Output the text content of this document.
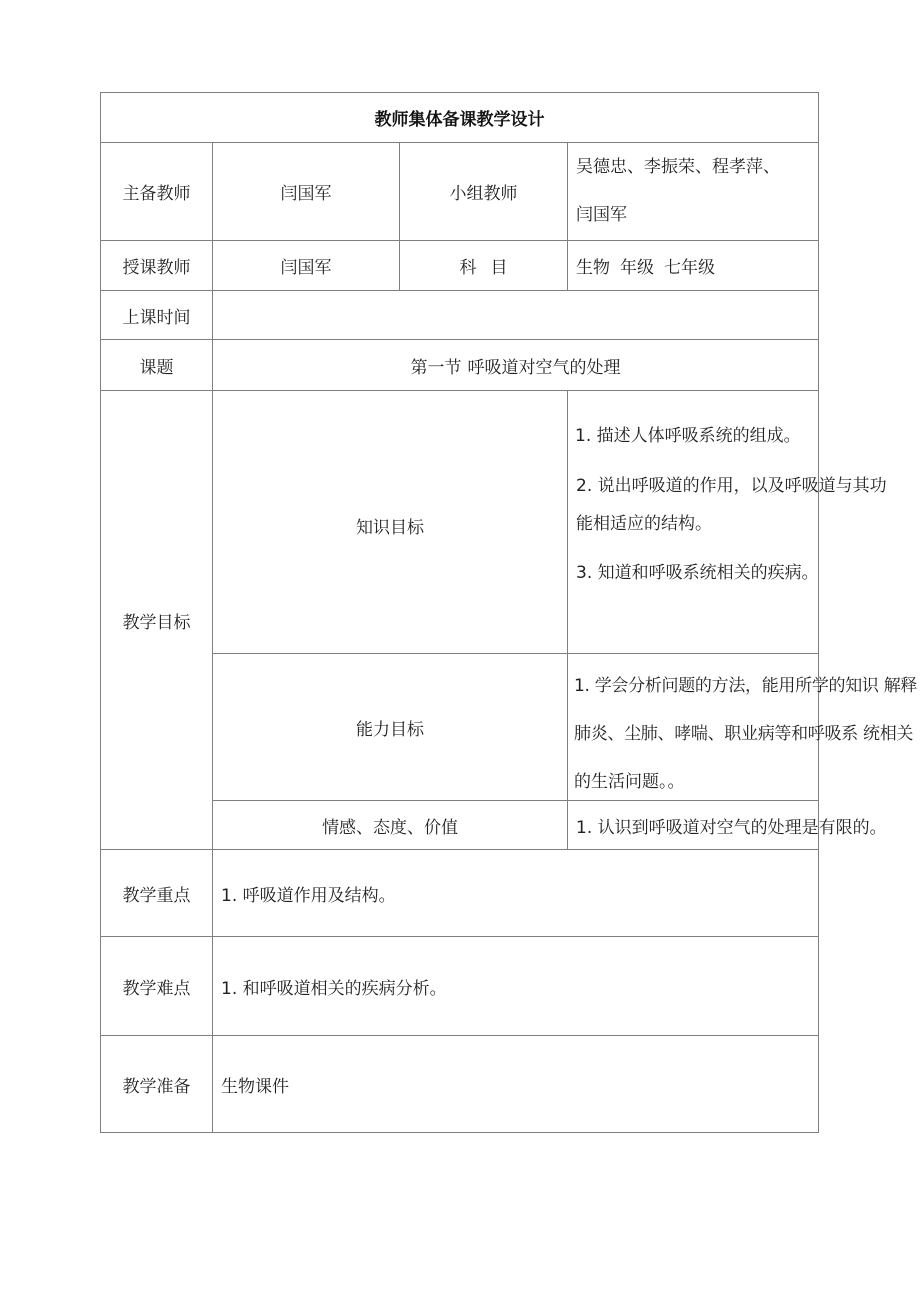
教师集体备课教学设计			
主备教师	闫国军	小组教师	吴德忠、李振荣、程孝萍、
闫国军

授课教师	闫国军	科 目	生物 年级 七年级
上课时间			
课题	第一节 呼吸道对空气的处理		
教学目标	知识目标		1. 描述人体呼吸系统的组成。
2. 说出呼吸道的作用，以及呼吸道与其功
能相适应的结构。
3. 知道和呼吸系统相关的疾病。

	能力目标		1. 学会分析问题的方法，能用所学的知识 解释
肺炎、尘肺、哮喘、职业病等和呼吸系 统相关
的生活问题。。

	情感、态度、价值		1. 认识到呼吸道对空气的处理是有限的。
教学重点	1. 呼吸道作用及结构。		
教学难点	1. 和呼吸道相关的疾病分析。		
教学准备	生物课件		
